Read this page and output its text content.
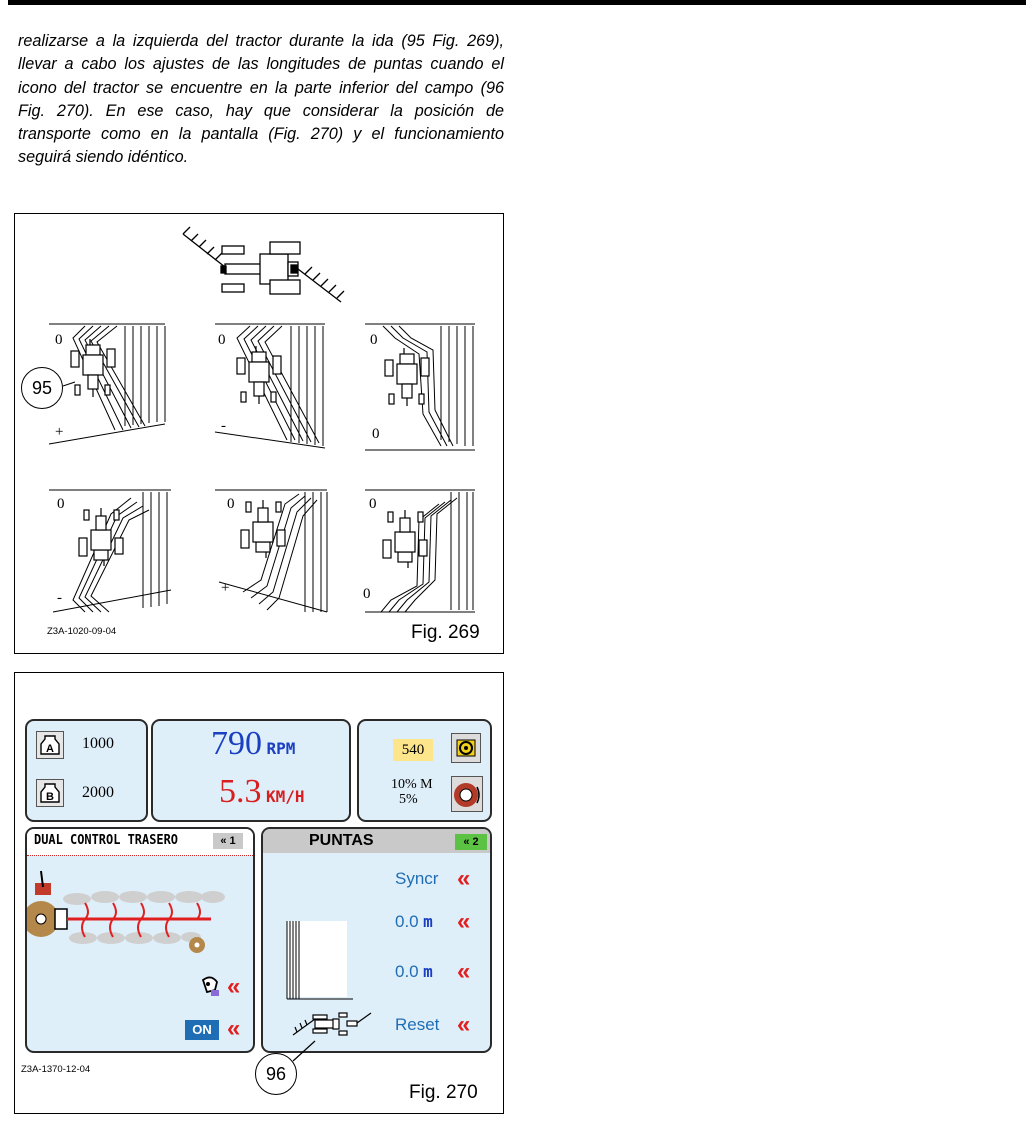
realizarse a la izquierda del tractor durante la ida (95 Fig. 269), llevar a cabo los ajustes de las longitudes de puntas cuando el icono del tractor se encuentre en la parte inferior del campo (96 Fig. 270). En ese caso, hay que considerar la posición de transporte como en la pantalla (Fig. 270) y el funcionamiento seguirá siendo idéntico.

0
+
0
-
0
0
0
-
0
+
0
0
95
Z3A-1020-09-04	Fig. 269
A 1000
B 2000
790 RPM
5.3 KM/H
540
10% M
5%
DUAL CONTROL TRASERO	« 1
«
ON «
PUNTAS	« 2
Syncr «
0.0 m «
0.0 m «
Reset «
96
Z3A-1370-12-04
Fig. 270
